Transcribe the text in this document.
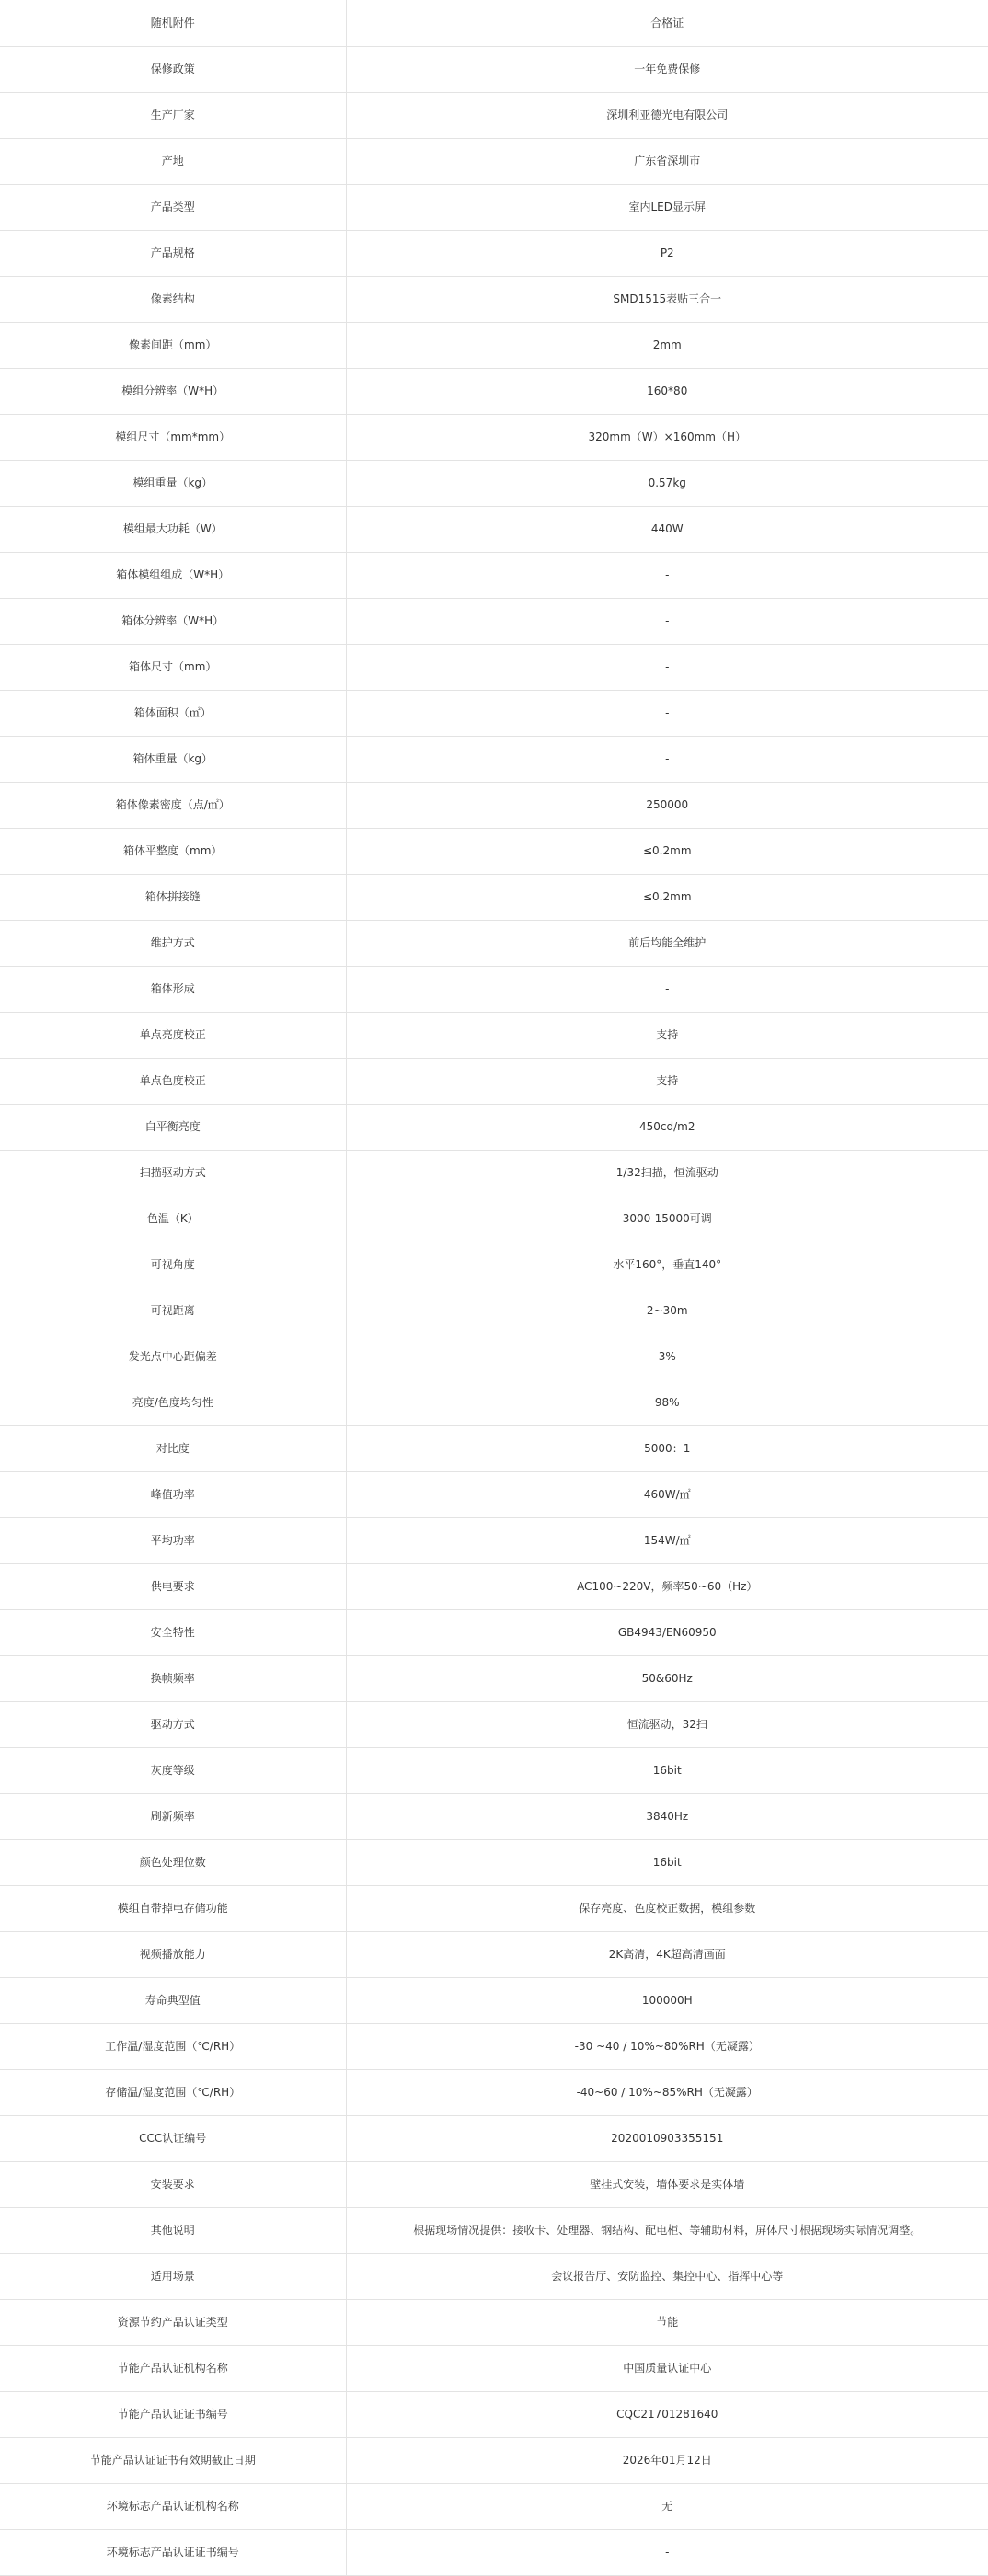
随机附件	合格证
保修政策	一年免费保修
生产厂家	深圳利亚德光电有限公司
产地	广东省深圳市
产品类型	室内LED显示屏
产品规格	P2
像素结构	SMD1515表贴三合一
像素间距（mm）	2mm
模组分辨率（W*H）	160*80
模组尺寸（mm*mm）	320mm（W）×160mm（H）
模组重量（kg）	0.57kg
模组最大功耗（W）	440W
箱体模组组成（W*H）	-
箱体分辨率（W*H）	-
箱体尺寸（mm）	-
箱体面积（㎡）	-
箱体重量（kg）	-
箱体像素密度（点/㎡）	250000
箱体平整度（mm）	≤0.2mm
箱体拼接缝	≤0.2mm
维护方式	前后均能全维护
箱体形成	-
单点亮度校正	支持
单点色度校正	支持
白平衡亮度	450cd/m2
扫描驱动方式	1/32扫描，恒流驱动
色温（K）	3000-15000可调
可视角度	水平160°，垂直140°
可视距离	2~30m
发光点中心距偏差	3%
亮度/色度均匀性	98%
对比度	5000：1
峰值功率	460W/㎡
平均功率	154W/㎡
供电要求	AC100~220V，频率50~60（Hz）
安全特性	GB4943/EN60950
换帧频率	50&60Hz
驱动方式	恒流驱动，32扫
灰度等级	16bit
刷新频率	3840Hz
颜色处理位数	16bit
模组自带掉电存储功能	保存亮度、色度校正数据，模组参数
视频播放能力	2K高清，4K超高清画面
寿命典型值	100000H
工作温/湿度范围（℃/RH）	-30 ~40 / 10%~80%RH（无凝露）
存储温/湿度范围（℃/RH）	-40~60 / 10%~85%RH（无凝露）
CCC认证编号	2020010903355151
安装要求	壁挂式安装，墙体要求是实体墙
其他说明	根据现场情况提供：接收卡、处理器、钢结构、配电柜、等辅助材料，屏体尺寸根据现场实际情况调整。
适用场景	会议报告厅、安防监控、集控中心、指挥中心等
资源节约产品认证类型	节能
节能产品认证机构名称	中国质量认证中心
节能产品认证证书编号	CQC21701281640
节能产品认证证书有效期截止日期	2026年01月12日
环境标志产品认证机构名称	无
环境标志产品认证证书编号	-
